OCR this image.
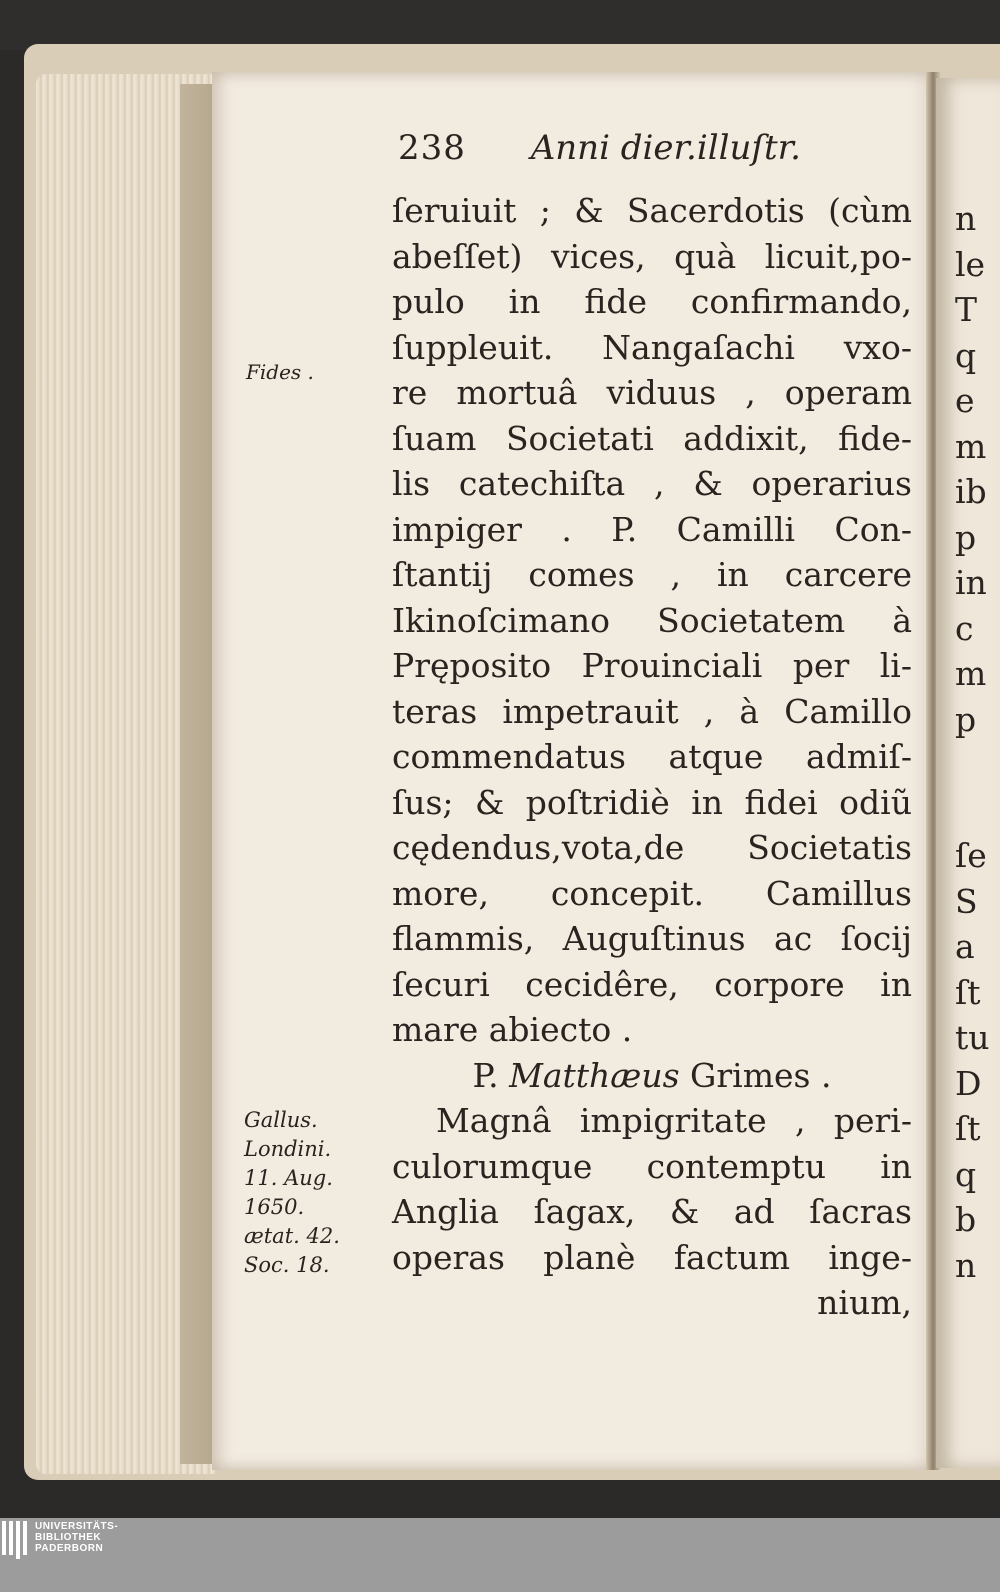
238 Anni dier.illuſtr.
Fides .
ſeruiuit ; & Sacerdotis (cùm
abeſſet) vices, quà licuit,po-
pulo in fide confirmando,
ſuppleuit. Nangaſachi vxo-
re mortuâ viduus , operam
ſuam Societati addixit, fide-
lis catechiſta , & operarius
impiger . P. Camilli Con-
ſtantij comes , in carcere
Ikinoſcimano Societatem à
Pręposito Prouinciali per li-
teras impetrauit , à Camillo
commendatus atque admiſ-
ſus; & poſtridiè in fidei odiũ
cędendus,vota,de Societatis
more, concepit. Camillus
flammis, Auguſtinus ac ſocij
ſecuri cecidêre, corpore in
mare abiecto .
P. Matthæus Grimes .
Magnâ impigritate , peri-
culorumque contemptu in
Anglia ſagax, & ad ſacras
operas planè factum inge-
nium,
Gallus.
Londini.
11. Aug.
1650.
ætat. 42.
Soc. 18.
n
le
T
q
e
m
ib
p
in
c
m
p
ſe
S
a
ſt
tu
D
ſt
q
b
n
UNIVERSITÄTS-
BIBLIOTHEK
PADERBORN
